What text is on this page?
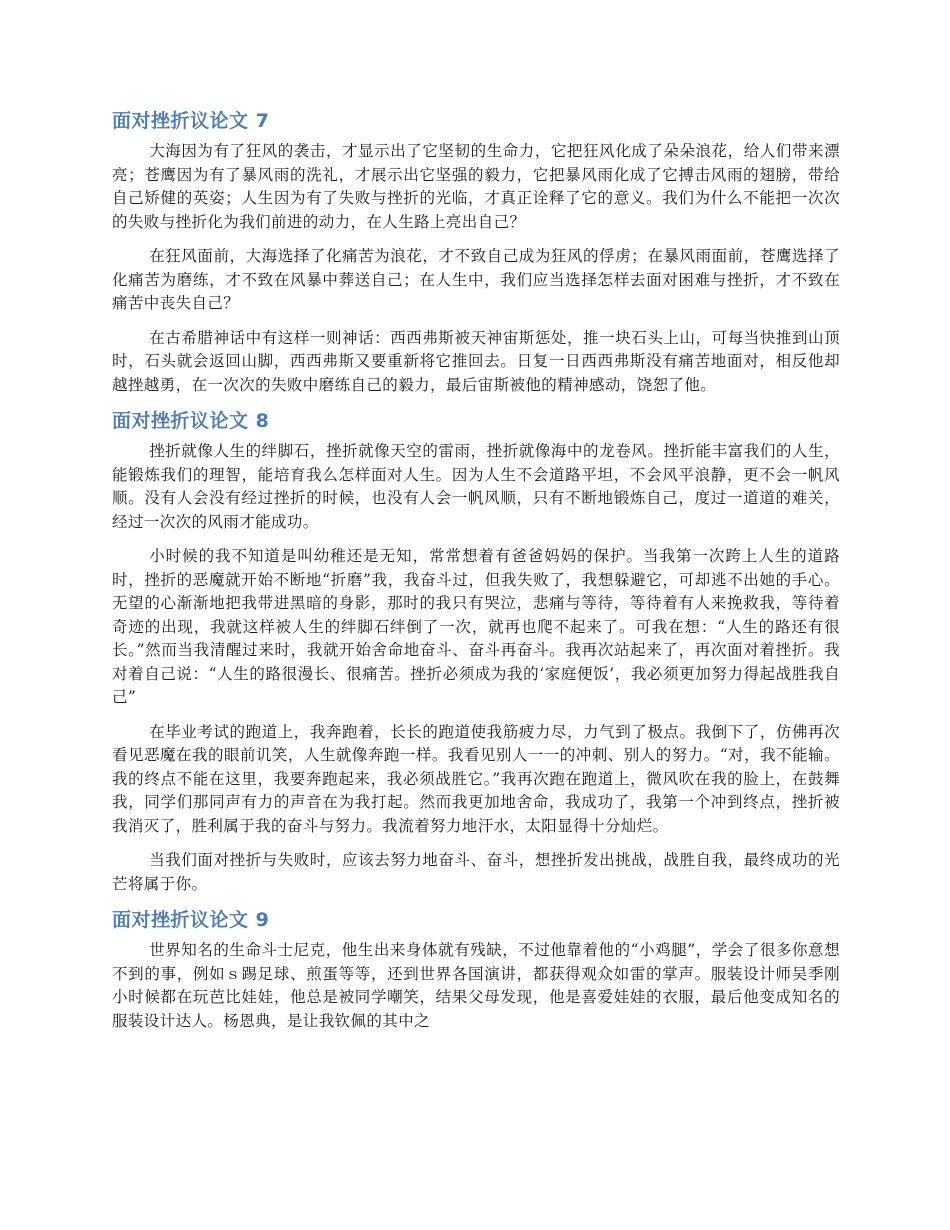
面对挫折议论文 7

大海因为有了狂风的袭击，才显示出了它坚韧的生命力，它把狂风化成了朵朵浪花，给人们带来漂亮；苍鹰因为有了暴风雨的洗礼，才展示出它坚强的毅力，它把暴风雨化成了它搏击风雨的翅膀，带给自己矫健的英姿；人生因为有了失败与挫折的光临，才真正诠释了它的意义。我们为什么不能把一次次的失败与挫折化为我们前进的动力，在人生路上亮出自己？

在狂风面前，大海选择了化痛苦为浪花，才不致自己成为狂风的俘虏；在暴风雨面前，苍鹰选择了化痛苦为磨练，才不致在风暴中葬送自己；在人生中，我们应当选择怎样去面对困难与挫折，才不致在痛苦中丧失自己？

在古希腊神话中有这样一则神话：西西弗斯被天神宙斯惩处，推一块石头上山，可每当快推到山顶时，石头就会返回山脚，西西弗斯又要重新将它推回去。日复一日西西弗斯没有痛苦地面对，相反他却越挫越勇，在一次次的失败中磨练自己的毅力，最后宙斯被他的精神感动，饶恕了他。

面对挫折议论文 8

挫折就像人生的绊脚石，挫折就像天空的雷雨，挫折就像海中的龙卷风。挫折能丰富我们的人生，能锻炼我们的理智，能培育我么怎样面对人生。因为人生不会道路平坦，不会风平浪静，更不会一帆风顺。没有人会没有经过挫折的时候，也没有人会一帆风顺，只有不断地锻炼自己，度过一道道的难关，经过一次次的风雨才能成功。

小时候的我不知道是叫幼稚还是无知，常常想着有爸爸妈妈的保护。当我第一次跨上人生的道路时，挫折的恶魔就开始不断地“折磨”我，我奋斗过，但我失败了，我想躲避它，可却逃不出她的手心。无望的心渐渐地把我带进黑暗的身影，那时的我只有哭泣，悲痛与等待，等待着有人来挽救我，等待着奇迹的出现，我就这样被人生的绊脚石绊倒了一次，就再也爬不起来了。可我在想：“人生的路还有很长。”然而当我清醒过来时，我就开始舍命地奋斗、奋斗再奋斗。我再次站起来了，再次面对着挫折。我对着自己说：“人生的路很漫长、很痛苦。挫折必须成为我的‘家庭便饭’，我必须更加努力得起战胜我自己”

在毕业考试的跑道上，我奔跑着，长长的跑道使我筋疲力尽，力气到了极点。我倒下了，仿佛再次看见恶魔在我的眼前讥笑，人生就像奔跑一样。我看见别人一一的冲刺、别人的努力。“对，我不能输。我的终点不能在这里，我要奔跑起来，我必须战胜它。”我再次跑在跑道上，微风吹在我的脸上，在鼓舞我，同学们那同声有力的声音在为我打起。然而我更加地舍命，我成功了，我第一个冲到终点，挫折被我消灭了，胜利属于我的奋斗与努力。我流着努力地汗水，太阳显得十分灿烂。

当我们面对挫折与失败时，应该去努力地奋斗、奋斗，想挫折发出挑战，战胜自我，最终成功的光芒将属于你。

面对挫折议论文 9

世界知名的生命斗士尼克，他生出来身体就有残缺，不过他靠着他的“小鸡腿”，学会了很多你意想不到的事，例如ｓ踢足球、煎蛋等等，还到世界各国演讲，都获得观众如雷的掌声。服装设计师吴季刚小时候都在玩芭比娃娃，他总是被同学嘲笑，结果父母发现，他是喜爱娃娃的衣服，最后他变成知名的服装设计达人。杨恩典，是让我钦佩的其中之
